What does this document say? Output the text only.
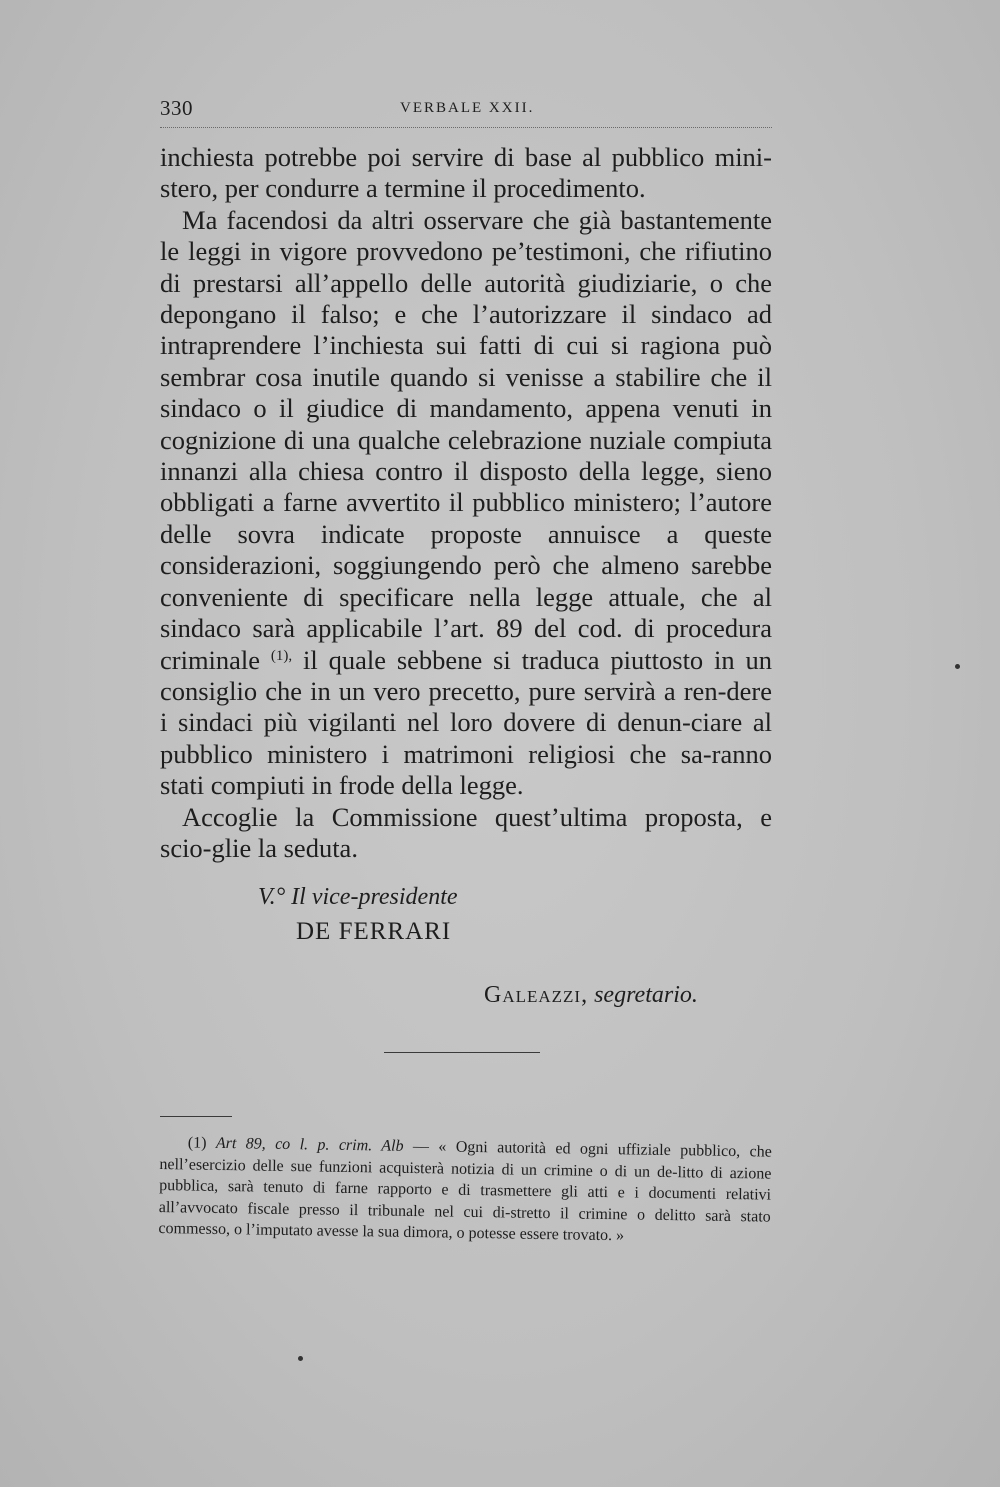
330	VERBALE XXII.

inchiesta potrebbe poi servire di base al pubblico mini-stero, per condurre a termine il procedimento.

Ma facendosi da altri osservare che già bastantemente le leggi in vigore provvedono pe’testimoni, che rifiutino di prestarsi all’appello delle autorità giudiziarie, o che depongano il falso; e che l’autorizzare il sindaco ad intraprendere l’inchiesta sui fatti di cui si ragiona può sembrar cosa inutile quando si venisse a stabilire che il sindaco o il giudice di mandamento, appena venuti in cognizione di una qualche celebrazione nuziale compiuta innanzi alla chiesa contro il disposto della legge, sieno obbligati a farne avvertito il pubblico ministero; l’autore delle sovra indicate proposte annuisce a queste considerazioni, soggiungendo però che almeno sarebbe conveniente di specificare nella legge attuale, che al sindaco sarà applicabile l’art. 89 del cod. di procedura criminale $^{(1),}$ il quale sebbene si traduca piuttosto in un consiglio che in un vero precetto, pure servirà a ren-dere i sindaci più vigilanti nel loro dovere di denun-ciare al pubblico ministero i matrimoni religiosi che sa-ranno stati compiuti in frode della legge.

Accoglie la Commissione quest’ultima proposta, e scio-glie la seduta.

V.° Il vice-presidente
DE FERRARI
Galeazzi, segretario.
(1) Art 89, co l. p. crim. Alb — « Ogni autorità ed ogni uffiziale pubblico, che nell’esercizio delle sue funzioni acquisterà notizia di un crimine o di un de-litto di azione pubblica, sarà tenuto di farne rapporto e di trasmettere gli atti e i documenti relativi all’avvocato fiscale presso il tribunale nel cui di-stretto il crimine o delitto sarà stato commesso, o l’imputato avesse la sua dimora, o potesse essere trovato. »
